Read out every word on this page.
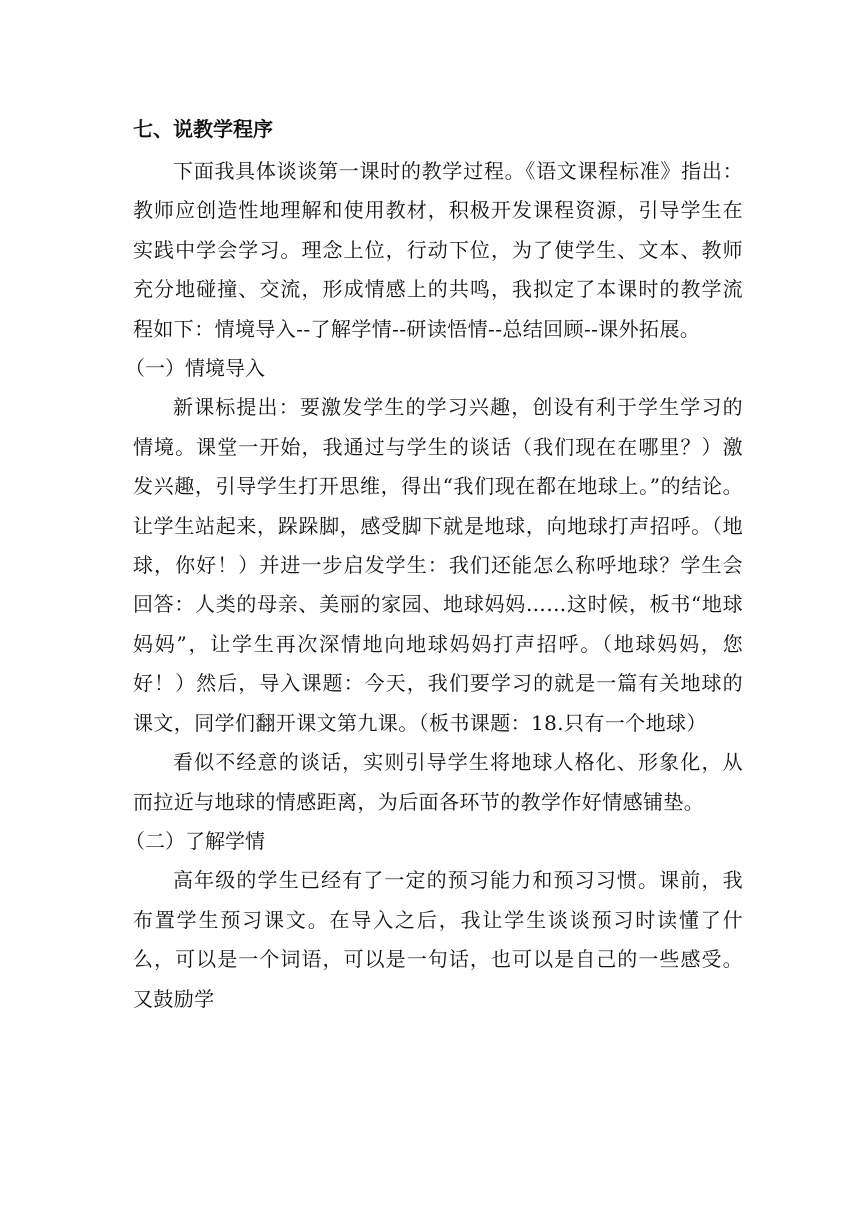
七、说教学程序

下面我具体谈谈第一课时的教学过程。《语文课程标准》指出：教师应创造性地理解和使用教材，积极开发课程资源，引导学生在实践中学会学习。理念上位，行动下位，为了使学生、文本、教师充分地碰撞、交流，形成情感上的共鸣，我拟定了本课时的教学流程如下：情境导入--了解学情--研读悟情--总结回顾--课外拓展。

（一）情境导入

新课标提出：要激发学生的学习兴趣，创设有利于学生学习的情境。课堂一开始，我通过与学生的谈话（我们现在在哪里？）激发兴趣，引导学生打开思维，得出“我们现在都在地球上。”的结论。让学生站起来，跺跺脚，感受脚下就是地球，向地球打声招呼。（地球，你好！）并进一步启发学生：我们还能怎么称呼地球？学生会回答：人类的母亲、美丽的家园、地球妈妈……这时候，板书“地球妈妈”，让学生再次深情地向地球妈妈打声招呼。（地球妈妈，您好！）然后，导入课题：今天，我们要学习的就是一篇有关地球的课文，同学们翻开课文第九课。（板书课题：18.只有一个地球）

看似不经意的谈话，实则引导学生将地球人格化、形象化，从而拉近与地球的情感距离，为后面各环节的教学作好情感铺垫。

（二）了解学情

高年级的学生已经有了一定的预习能力和预习习惯。课前，我布置学生预习课文。在导入之后，我让学生谈谈预习时读懂了什么，可以是一个词语，可以是一句话，也可以是自己的一些感受。又鼓励学
